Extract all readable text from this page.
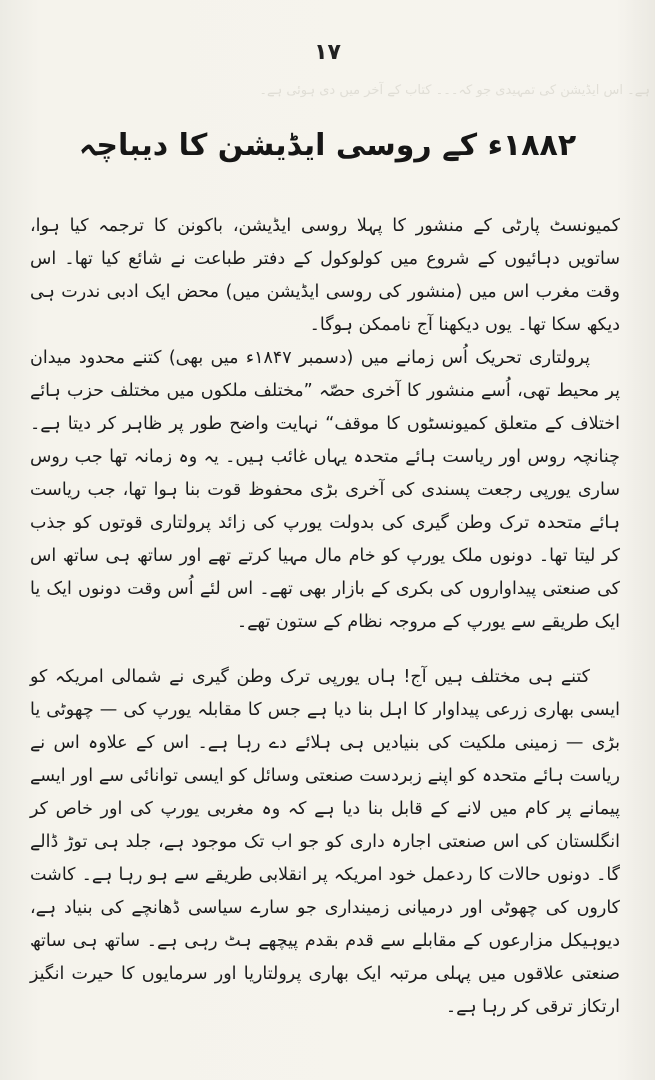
ہے۔ اس ایڈیشن کی تمہیدی جو کہ۔۔۔ کتاب کے آخر میں دی ہوئی ہے۔
١٧
۱۸۸۲ء کے روسی ایڈیشن کا دیباچہ

کمیونسٹ پارٹی کے منشور کا پہلا روسی ایڈیشن، باکونن کا ترجمہ کیا ہوا، ساتویں دہائیوں کے شروع میں کولوکول کے دفتر طباعت نے شائع کیا تھا۔ اس وقت مغرب اس میں (منشور کی روسی ایڈیشن میں) محض ایک ادبی ندرت ہی دیکھ سکا تھا۔ یوں دیکھنا آج ناممکن ہوگا۔

پرولتاری تحریک اُس زمانے میں (دسمبر ۱۸۴۷ء میں بھی) کتنے محدود میدان پر محیط تھی، اُسے منشور کا آخری حصّہ ”مختلف ملکوں میں مختلف حزب ہائے اختلاف کے متعلق کمیونسٹوں کا موقف“ نہایت واضح طور پر ظاہر کر دیتا ہے۔ چنانچہ روس اور ریاست ہائے متحدہ یہاں غائب ہیں۔ یہ وہ زمانہ تھا جب روس ساری یورپی رجعت پسندی کی آخری بڑی محفوظ قوت بنا ہوا تھا، جب ریاست ہائے متحدہ ترک وطن گیری کی بدولت یورپ کی زائد پرولتاری قوتوں کو جذب کر لیتا تھا۔ دونوں ملک یورپ کو خام مال مہیا کرتے تھے اور ساتھ ہی ساتھ اس کی صنعتی پیداواروں کی بکری کے بازار بھی تھے۔ اس لئے اُس وقت دونوں ایک یا ایک طریقے سے یورپ کے مروجہ نظام کے ستون تھے۔

کتنے ہی مختلف ہیں آج! ہاں یورپی ترک وطن گیری نے شمالی امریکہ کو ایسی بھاری زرعی پیداوار کا اہل بنا دیا ہے جس کا مقابلہ یورپ کی — چھوٹی یا بڑی — زمینی ملکیت کی بنیادیں ہی ہلائے دے رہا ہے۔ اس کے علاوہ اس نے ریاست ہائے متحدہ کو اپنے زبردست صنعتی وسائل کو ایسی توانائی سے اور ایسے پیمانے پر کام میں لانے کے قابل بنا دیا ہے کہ وہ مغربی یورپ کی اور خاص کر انگلستان کی اس صنعتی اجارہ داری کو جو اب تک موجود ہے، جلد ہی توڑ ڈالے گا۔ دونوں حالات کا ردعمل خود امریکہ پر انقلابی طریقے سے ہو رہا ہے۔ کاشت کاروں کی چھوٹی اور درمیانی زمینداری جو سارے سیاسی ڈھانچے کی بنیاد ہے، دیوہیکل مزارعوں کے مقابلے سے قدم بقدم پیچھے ہٹ رہی ہے۔ ساتھ ہی ساتھ صنعتی علاقوں میں پہلی مرتبہ ایک بھاری پرولتاریا اور سرمایوں کا حیرت انگیز ارتکاز ترقی کر رہا ہے۔
